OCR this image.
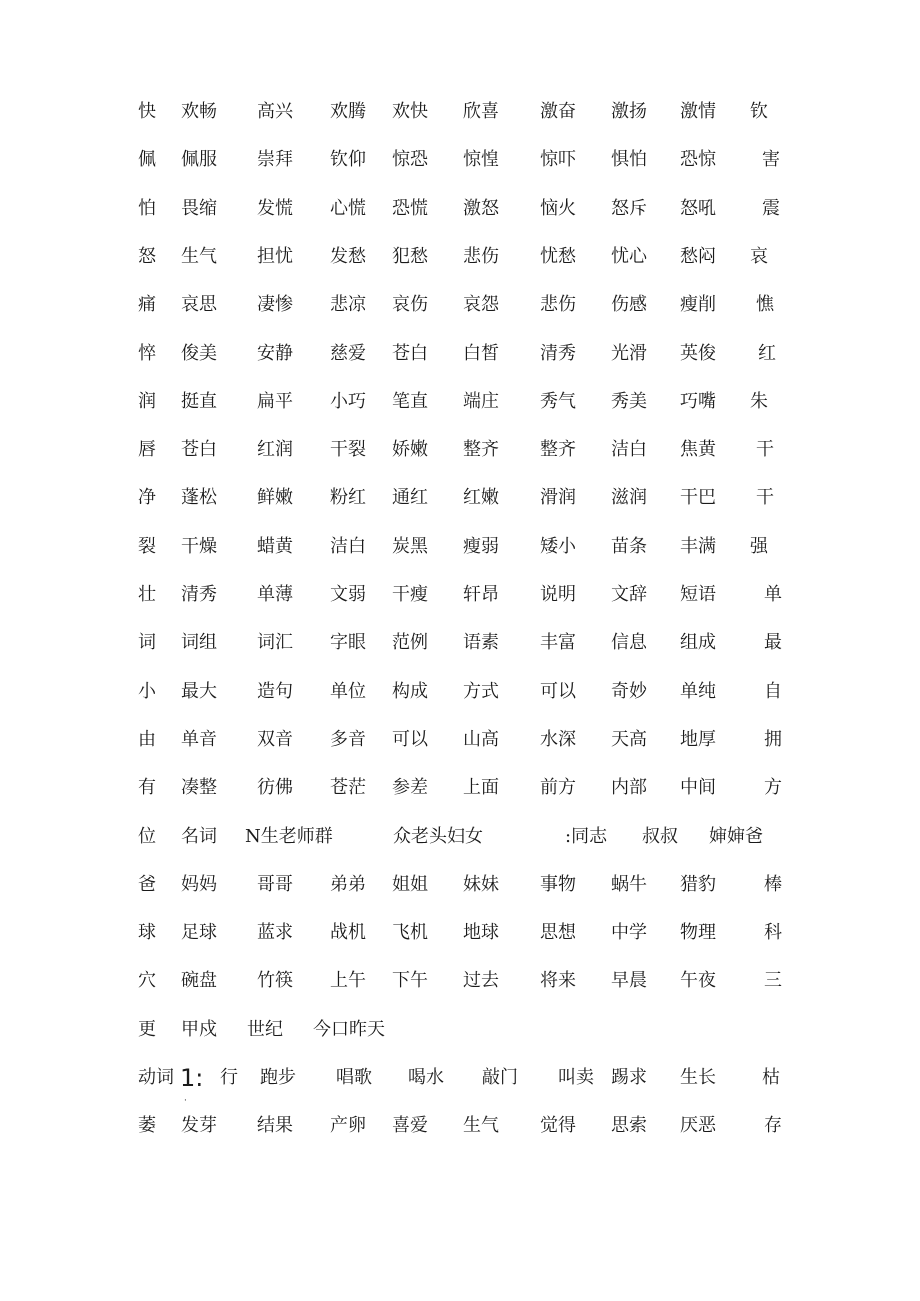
快 欢畅 高兴 欢腾 欢快 欣喜 激奋 激扬 激情 钦
佩 佩服 崇拜 钦仰 惊恐 惊惶 惊吓 惧怕 恐惊	害
怕 畏缩 发慌 心慌 恐慌 激怒 恼火 怒斥 怒吼	震
怒 生气 担忧 发愁 犯愁 悲伤 忧愁 忧心 愁闷 哀
痛 哀思 凄惨 悲凉 哀伤 哀怨 悲伤 伤感 瘦削 憔
悴 俊美 安静 慈爱 苍白 白皙 清秀 光滑 英俊 红
润 挺直 扁平 小巧 笔直 端庄 秀气 秀美 巧嘴 朱
唇 苍白 红润 干裂 娇嫩 整齐 整齐 洁白 焦黄 干
净 蓬松 鲜嫩 粉红 通红 红嫩 滑润 滋润 干巴 干
裂 干燥 蜡黄 洁白 炭黑 瘦弱 矮小 苗条 丰满 强
壮 清秀 单薄 文弱 干瘦 轩昂 说明 文辞 短语	单
词 词组 词汇 字眼 范例 语素 丰富 信息 组成	最
小 最大 造句 单位 构成 方式 可以 奇妙 单纯	自
由 单音 双音 多音 可以 山高 水深 天高 地厚	拥
有 凑整 彷佛 苍茫 参差 上面 前方 内部 中间	方
位 名词 N生老师群	众老头妇女	:同志 叔叔 婶婶爸
爸 妈妈 哥哥 弟弟 姐姐 妹妹 事物 蜗牛 猎豹	棒
球 足球 蓝求 战机 飞机 地球 思想 中学 物理	科
穴 碗盘 竹筷 上午 下午 过去 将来 早晨 午夜	三
更 甲戍 世纪 今口昨天
动词 1: 行 跑步 唱歌 喝水 敲门 叫卖 踢求 生长	枯
萎 发芽 结果 产卵 喜爱 生气 觉得 思索 厌恶	存
·
